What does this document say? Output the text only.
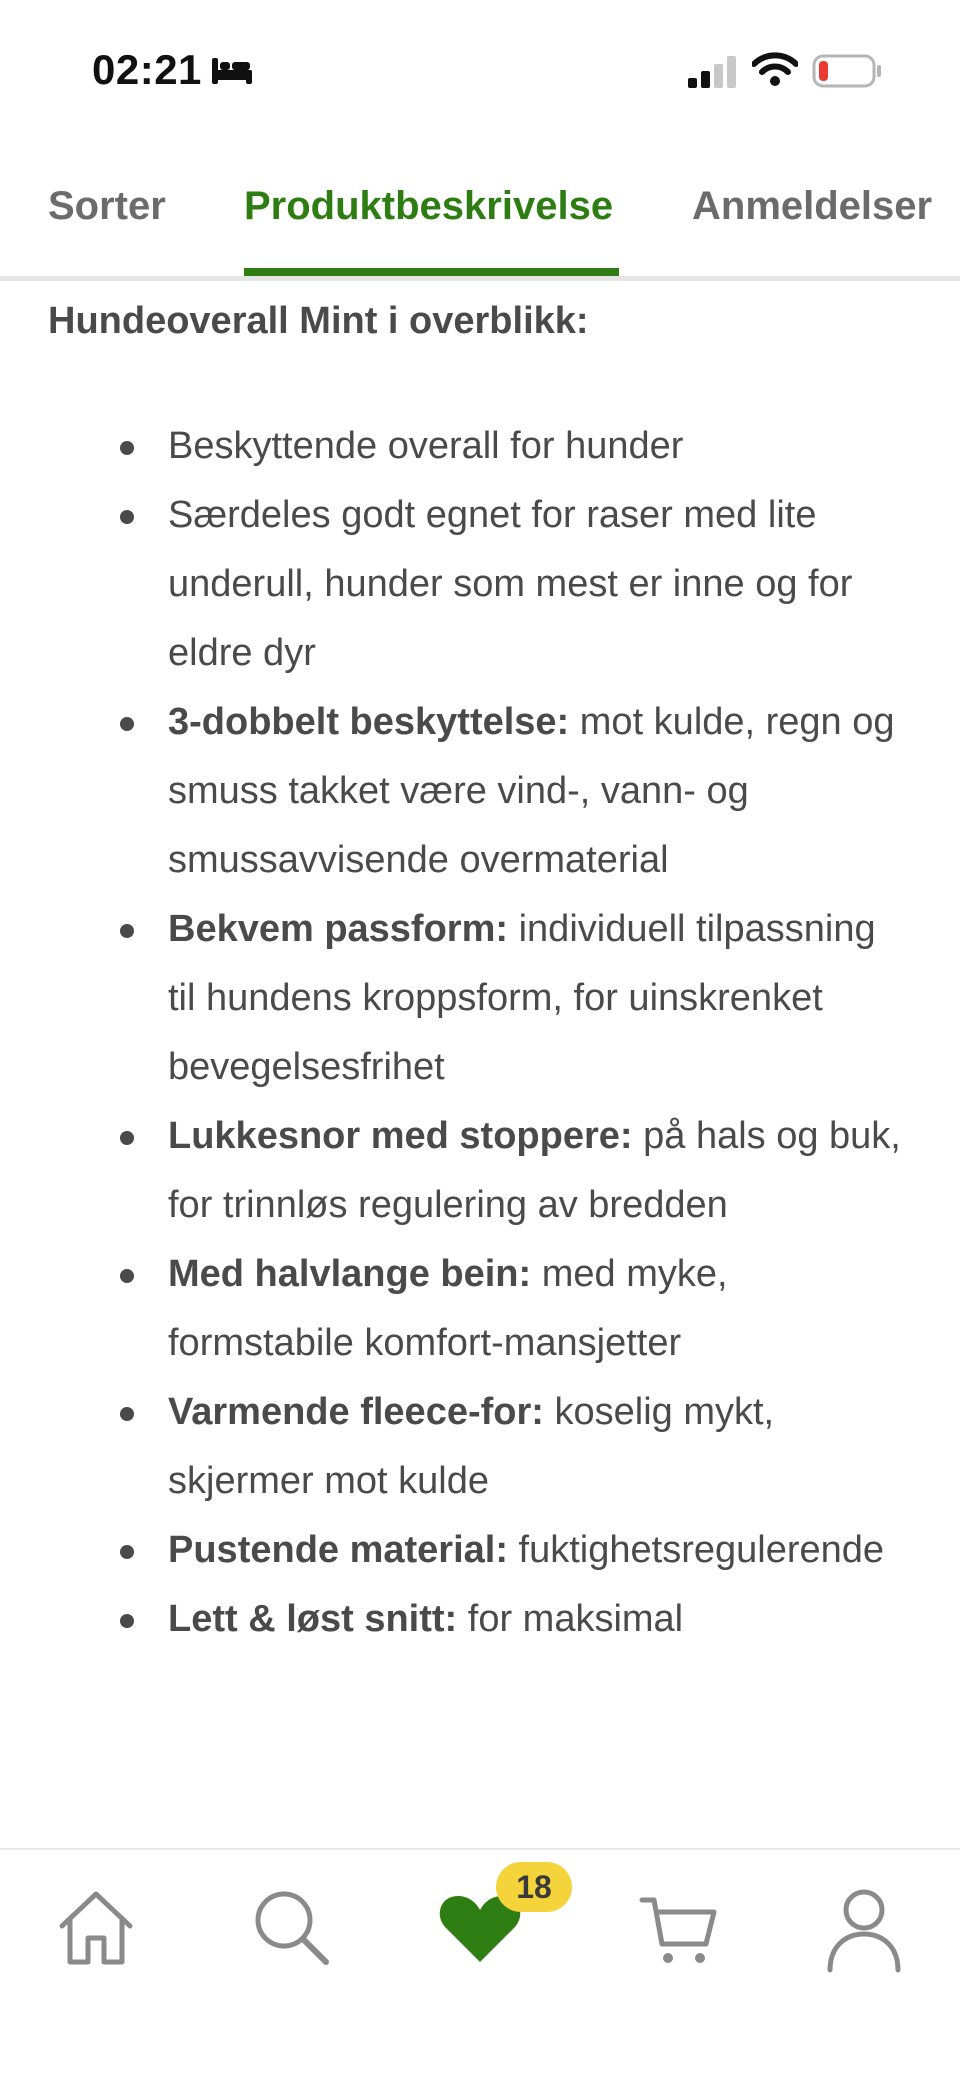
02:21
Sorter Produktbeskrivelse Anmeldelser
Hundeoverall Mint i overblikk:
Beskyttende overall for hunder
Særdeles godt egnet for raser med lite underull, hunder som mest er inne og for eldre dyr
3-dobbelt beskyttelse: mot kulde, regn og smuss takket være vind-, vann- og smussavvisende overmaterial
Bekvem passform: individuell tilpassning til hundens kroppsform, for uinskrenket bevegelsesfrihet
Lukkesnor med stoppere: på hals og buk, for trinnløs regulering av bredden
Med halvlange bein: med myke, formstabile komfort-mansjetter
Varmende fleece-for: koselig mykt, skjermer mot kulde
Pustende material: fuktighetsregulerende
Lett & løst snitt: for maksimal
18
